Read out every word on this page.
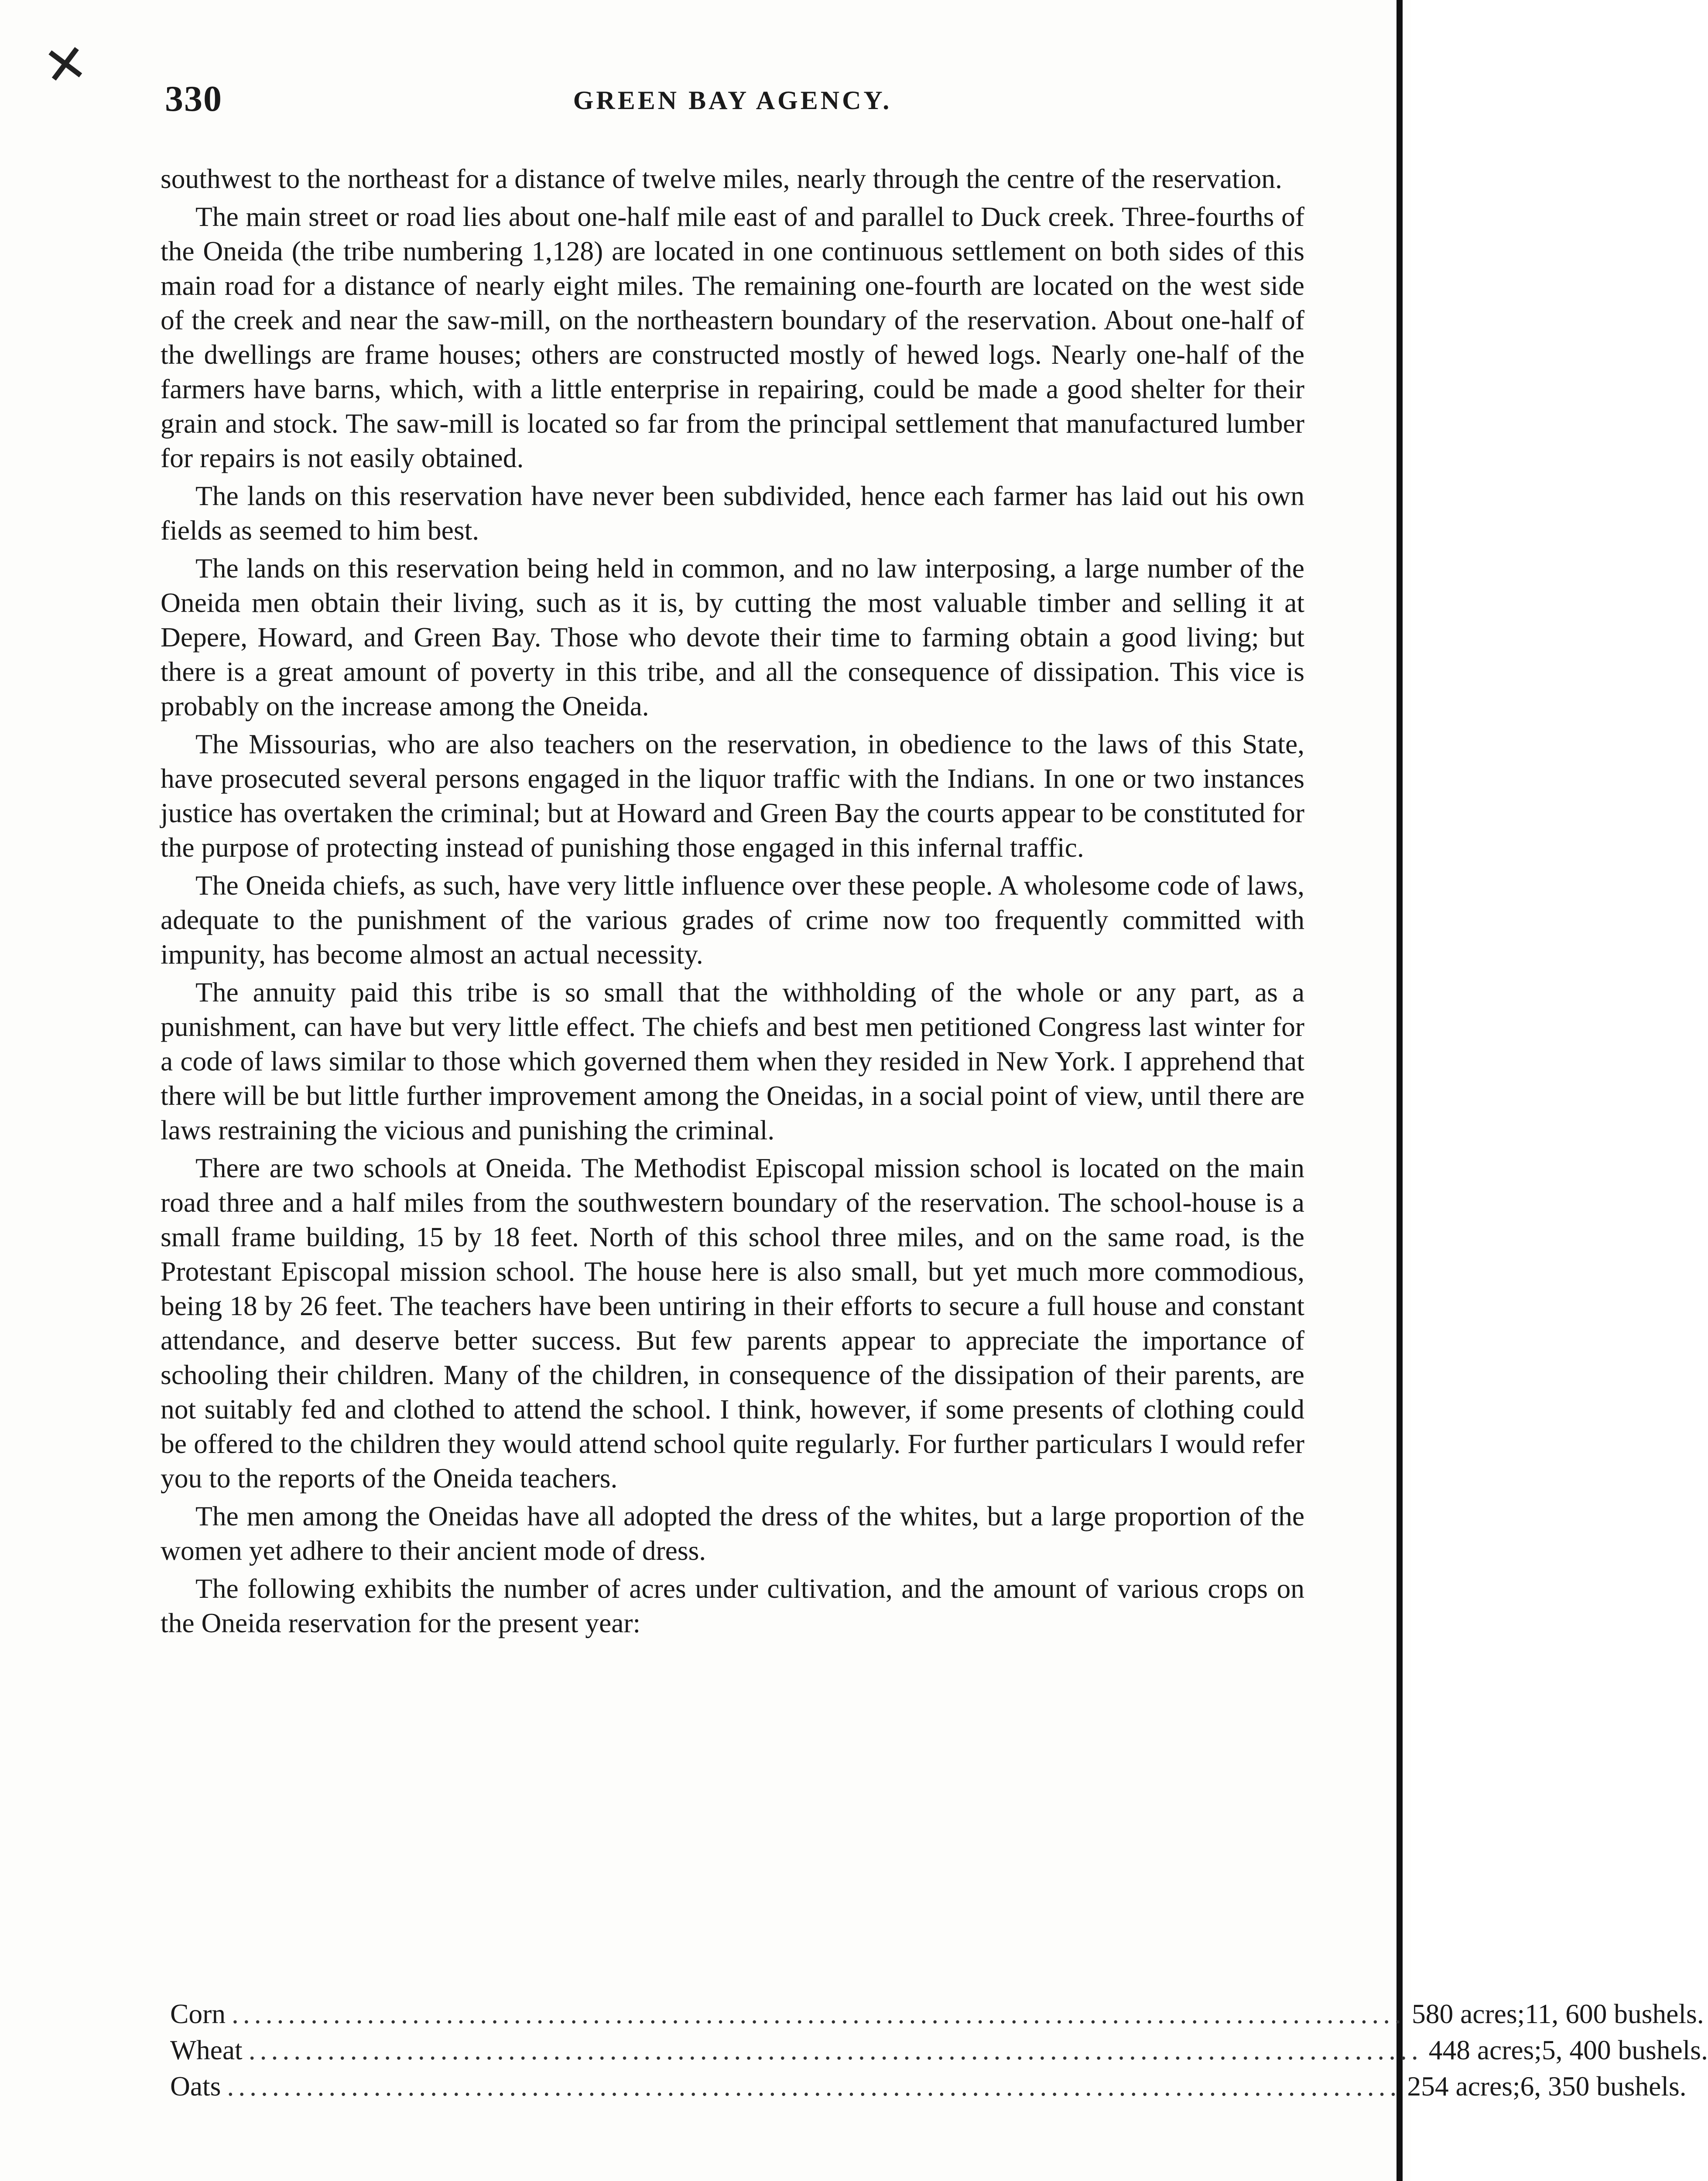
✕
330	GREEN BAY AGENCY.

southwest to the northeast for a distance of twelve miles, nearly through the centre of the reservation.

The main street or road lies about one-half mile east of and parallel to Duck creek. Three-fourths of the Oneida (the tribe numbering 1,128) are located in one continuous settlement on both sides of this main road for a distance of nearly eight miles. The remaining one-fourth are located on the west side of the creek and near the saw-mill, on the northeastern boundary of the reservation. About one-half of the dwellings are frame houses; others are constructed mostly of hewed logs. Nearly one-half of the farmers have barns, which, with a little enterprise in repairing, could be made a good shelter for their grain and stock. The saw-mill is located so far from the principal settlement that manufactured lumber for repairs is not easily obtained.

The lands on this reservation have never been subdivided, hence each farmer has laid out his own fields as seemed to him best.

The lands on this reservation being held in common, and no law interposing, a large number of the Oneida men obtain their living, such as it is, by cutting the most valuable timber and selling it at Depere, Howard, and Green Bay. Those who devote their time to farming obtain a good living; but there is a great amount of poverty in this tribe, and all the consequence of dissipation. This vice is probably on the increase among the Oneida.

The Missourias, who are also teachers on the reservation, in obedience to the laws of this State, have prosecuted several persons engaged in the liquor traffic with the Indians. In one or two instances justice has overtaken the criminal; but at Howard and Green Bay the courts appear to be constituted for the purpose of protecting instead of punishing those engaged in this infernal traffic.

The Oneida chiefs, as such, have very little influence over these people. A wholesome code of laws, adequate to the punishment of the various grades of crime now too frequently committed with impunity, has become almost an actual necessity.

The annuity paid this tribe is so small that the withholding of the whole or any part, as a punishment, can have but very little effect. The chiefs and best men petitioned Congress last winter for a code of laws similar to those which governed them when they resided in New York. I apprehend that there will be but little further improvement among the Oneidas, in a social point of view, until there are laws restraining the vicious and punishing the criminal.

There are two schools at Oneida. The Methodist Episcopal mission school is located on the main road three and a half miles from the southwestern boundary of the reservation. The school-house is a small frame building, 15 by 18 feet. North of this school three miles, and on the same road, is the Protestant Episcopal mission school. The house here is also small, but yet much more commodious, being 18 by 26 feet. The teachers have been untiring in their efforts to secure a full house and constant attendance, and deserve better success. But few parents appear to appreciate the importance of schooling their children. Many of the children, in consequence of the dissipation of their parents, are not suitably fed and clothed to attend the school. I think, however, if some presents of clothing could be offered to the children they would attend school quite regularly. For further particulars I would refer you to the reports of the Oneida teachers.

The men among the Oneidas have all adopted the dress of the whites, but a large proportion of the women yet adhere to their ancient mode of dress.

The following exhibits the number of acres under cultivation, and the amount of various crops on the Oneida reservation for the present year:

Corn ........................................................................................................ 580 acres; 11, 600 bushels.
Wheat ........................................................................................................ 448 acres; 5, 400 bushels.
Oats ........................................................................................................ 254 acres; 6, 350 bushels.
